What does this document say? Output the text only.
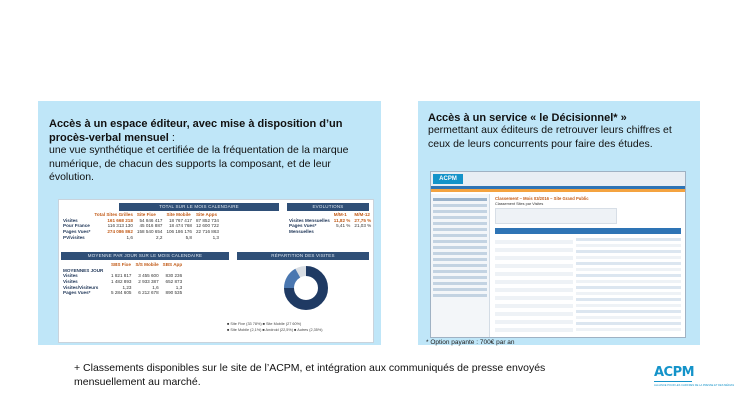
Accès à un espace éditeur, avec mise à disposition d’un
procès-verbal mensuel :
une vue synthétique et certifiée de la fréquentation de la marque numérique, de chacun des supports la composant, et de leur évolution.
TOTAL SUR LE MOIS CALENDAIRE	EVOLUTIONS
	Total Sites Grilles	Site Fixe	Site Mobile	Site Apps
Visites	161 668 218	54 846 417	18 767 417	87 852 734
Pour France	116 313 130	45 016 887	18 474 768	12 600 722
Pages Vues*	274 086 862	158 540 654	106 186 176	22 716 863
PV/visites	1,6	2,2	5,8	1,3
	M/M-1	M/M-12
Visites Mensuelles	11,82 %	27,75 %
Pages Vues*	5,41 %	21,03 %
Mensuelles		
MOYENNE PAR JOUR SUR LE MOIS CALENDAIRE	RÉPARTITION DES VISITES
	SBS Fixe	S/S Mobile	SBS App
MOYENNES JOUR			
Visites	1 821 817	3 455 600	830 236
Visites	1 482 893	2 933 387	652 873
Visites/Visiteurs	1,23	1,6	1,3
Pages Vues*	5 284 605	6 212 678	890 535
■ Site Fixe (33 78%) ■ Site Mobile (27 60%)
■ Site Mobile (2,1%) ■ Android (22,5%) ■ Autres (2,35%)
Accès à un service « le Décisionnel* »
permettant aux éditeurs de retrouver leurs chiffres et ceux de leurs concurrents pour faire des études.
ACPM
Classement – Mois 03/2016 – Site Grand Public
Classement Sites par Visites
* Option payante : 700€ par an
+ Classements disponibles sur le site de l’ACPM, et intégration aux communiqués de presse envoyés mensuellement au marché.
ACPM
ALLIANCE POUR LES CHIFFRES DE LA PRESSE ET DES MÉDIAS
